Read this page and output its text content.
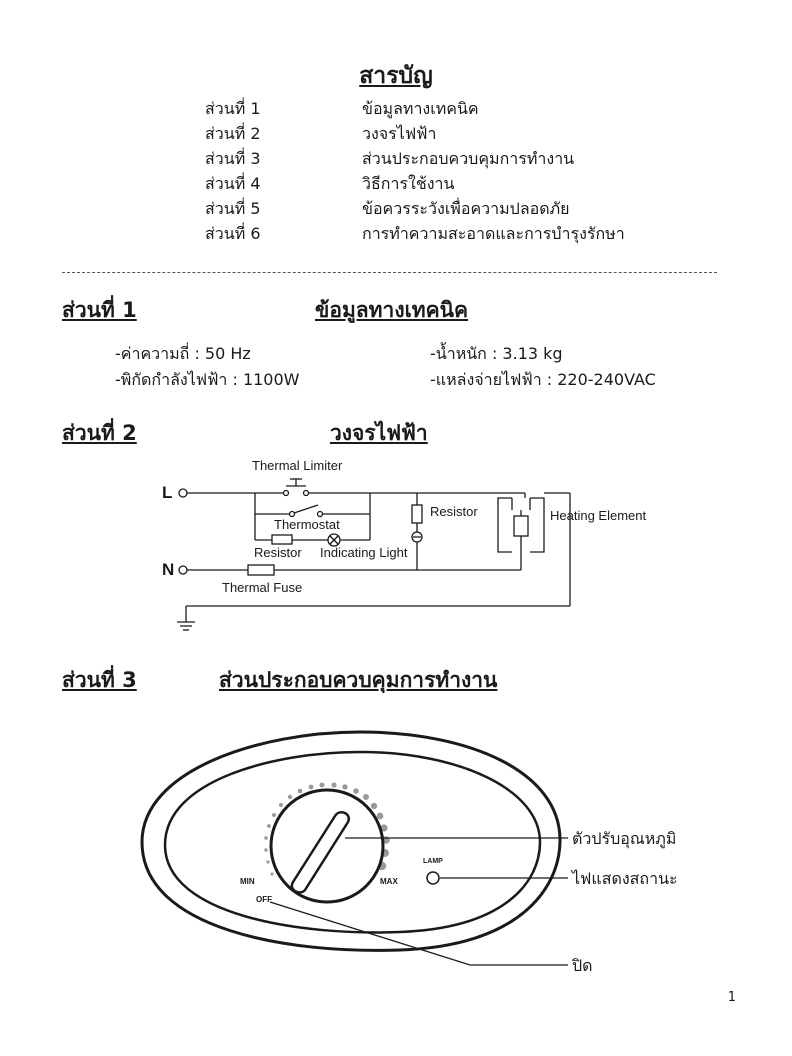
สารบัญ
ส่วนที่ 1	ข้อมูลทางเทคนิค
ส่วนที่ 2	วงจรไฟฟ้า
ส่วนที่ 3	ส่วนประกอบควบคุมการทำงาน
ส่วนที่ 4	วิธีการใช้งาน
ส่วนที่ 5	ข้อควรระวังเพื่อความปลอดภัย
ส่วนที่ 6	การทำความสะอาดและการบำรุงรักษา
ส่วนที่ 1	ข้อมูลทางเทคนิค
-ค่าความถี่ : 50 Hz	-น้ำหนัก : 3.13 kg
-พิกัดกำลังไฟฟ้า : 1100W	-แหล่งจ่ายไฟฟ้า : 220-240VAC
ส่วนที่ 2	วงจรไฟฟ้า
L
N
Thermal Limiter
Thermostat
Resistor Indicating Light
Resistor	Heating Element
Thermal Fuse
ส่วนที่ 3	ส่วนประกอบควบคุมการทำงาน
MIN	MAX
OFF
LAMP
ตัวปรับอุณหภูมิ
ไฟแสดงสถานะ
ปิด
1
